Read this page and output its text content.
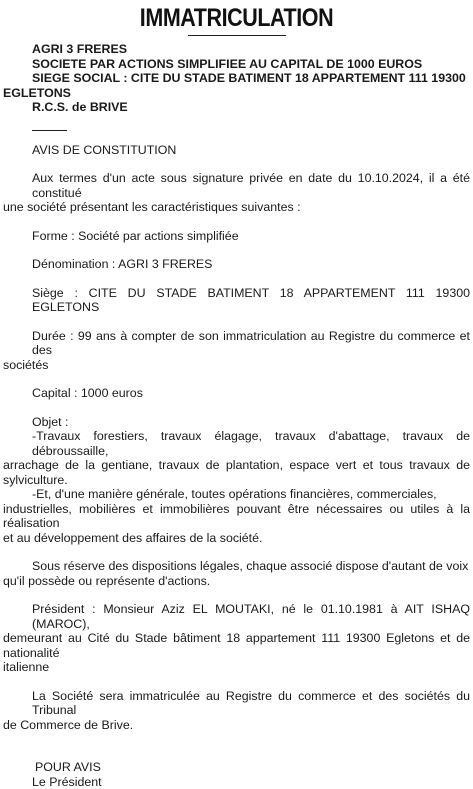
IMMATRICULATION
AGRI 3 FRERES
SOCIETE PAR ACTIONS SIMPLIFIEE AU CAPITAL DE 1000 EUROS
SIEGE SOCIAL : CITE DU STADE BATIMENT 18 APPARTEMENT 111 19300
EGLETONS
R.C.S. de BRIVE
AVIS DE CONSTITUTION
Aux termes d'un acte sous signature privée en date du 10.10.2024, il a été constitué
une société présentant les caractéristiques suivantes :
Forme : Société par actions simplifiée
Dénomination : AGRI 3 FRERES
Siège : CITE DU STADE BATIMENT 18 APPARTEMENT 111 19300 EGLETONS
Durée : 99 ans à compter de son immatriculation au Registre du commerce et des
sociétés
Capital : 1000 euros
Objet :
-Travaux forestiers, travaux élagage, travaux d'abattage, travaux de débroussaille,
arrachage de la gentiane, travaux de plantation, espace vert et tous travaux de sylviculture.
-Et, d'une manière générale, toutes opérations financières, commerciales,
industrielles, mobilières et immobilières pouvant être nécessaires ou utiles à la réalisation
et au développement des affaires de la société.
Sous réserve des dispositions légales, chaque associé dispose d'autant de voix
qu'il possède ou représente d'actions.
Président : Monsieur Aziz EL MOUTAKI, né le 01.10.1981 à AIT ISHAQ (MAROC),
demeurant au Cité du Stade bâtiment 18 appartement 111 19300 Egletons et de nationalité
italienne
La Société sera immatriculée au Registre du commerce et des sociétés du Tribunal
de Commerce de Brive.
POUR AVIS
Le Président
